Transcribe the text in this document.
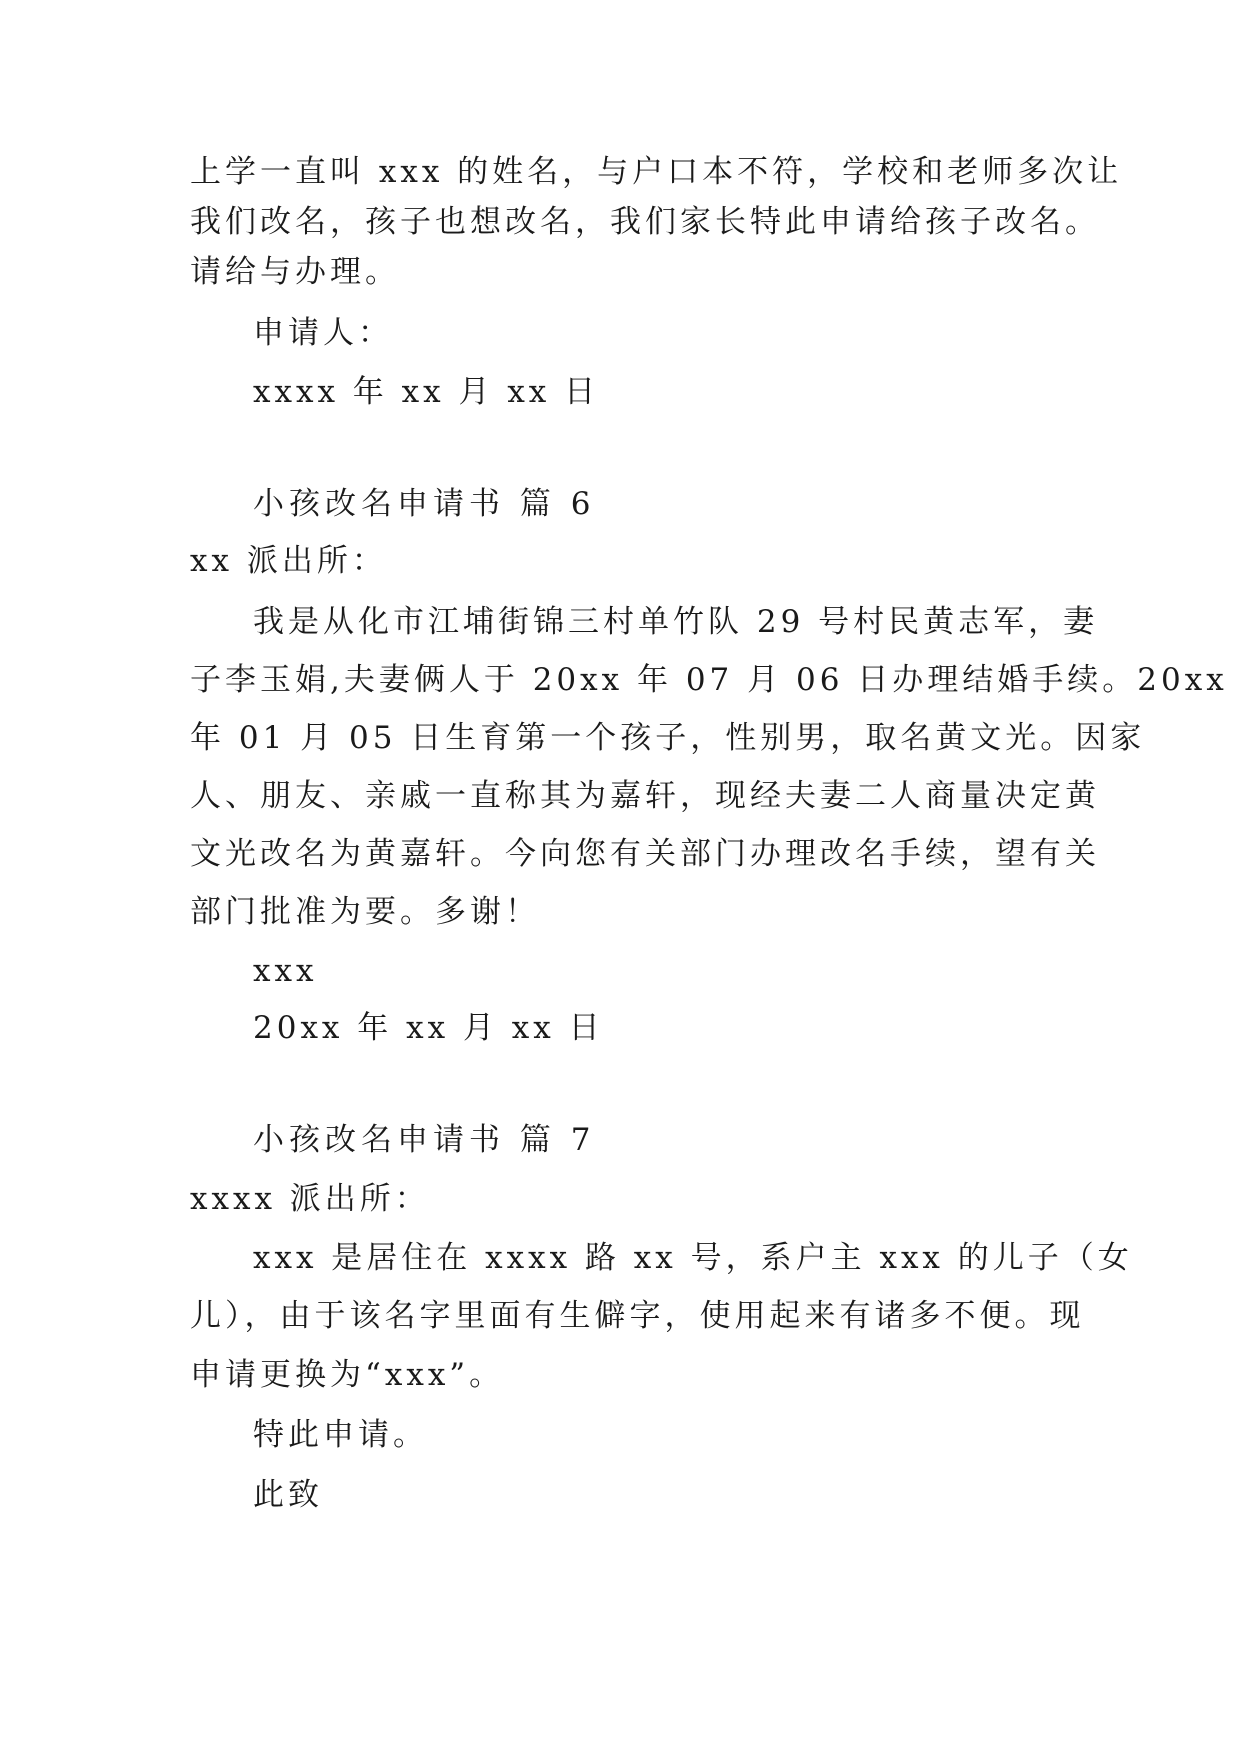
上学一直叫 xxx 的姓名，与户口本不符，学校和老师多次让
我们改名，孩子也想改名，我们家长特此申请给孩子改名。
请给与办理。
申请人：
xxxx 年 xx 月 xx 日
小孩改名申请书 篇 6
xx 派出所：
我是从化市江埔街锦三村单竹队 29 号村民黄志军，妻
子李玉娟,夫妻俩人于 20xx 年 07 月 06 日办理结婚手续。20xx
年 01 月 05 日生育第一个孩子，性别男，取名黄文光。因家
人、朋友、亲戚一直称其为嘉轩，现经夫妻二人商量决定黄
文光改名为黄嘉轩。今向您有关部门办理改名手续，望有关
部门批准为要。多谢！
xxx
20xx 年 xx 月 xx 日
小孩改名申请书 篇 7
xxxx 派出所：
xxx 是居住在 xxxx 路 xx 号，系户主 xxx 的儿子（女
儿），由于该名字里面有生僻字，使用起来有诸多不便。现
申请更换为“xxx”。
特此申请。
此致
